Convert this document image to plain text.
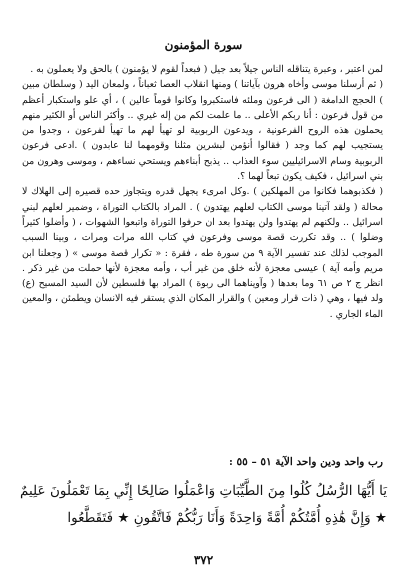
سورة المؤمنون

لمن اعتبر ، وعبرة يتناقله الناس جيلاً بعد جيل ( فبعداً لقوم لا يؤمنون ) بالحق ولا يعملون به .

( ثم أرسلنا موسى وأخاه هرون بآياتنا ) ومنها انقلاب العصا ثعباناً ، ولمعان اليد ( وسلطان مبين ) الحجج الدامغة ( الى فرعون وملئه فاستكبروا وكانوا قوماً عالين ) ، أي علو واستكبار أعظم من قول فرعون : أنا ربكم الأعلى .. ما علمت لكم من إله غيري .. وأكثر الناس أو الكثير منهم يحملون هذه الروح الفرعونية ، ويدعون الربوبية لو تهيأ لهم ما تهيأ لفرعون ، وجدوا من يستجيب لهم كما وجد ( فقالوا أنؤمن لبشرين مثلنا وقومهما لنا عابدون ) .ادعى فرعون الربوبية وسام الاسرائيليين سوء العذاب .. يذبح أبناءهم ويستحي نساءهم ، وموسى وهرون من بني اسرائيل ، فكيف يكون تبعاً لهما ؟.

( فكذبوهما فكانوا من المهلكين ) .وكل امرىء يجهل قدره ويتجاوز حده قصيره إلى الهلاك لا محالة ( ولقد آتينا موسى الكتاب لعلهم يهتدون ) . المراد بالكتاب التوراة ، وضمير لعلهم لبني اسرائيل .. ولكنهم لم يهتدوا ولن يهتدوا بعد ان حرفوا التوراة واتبعوا الشهوات ، ( وأضلوا كثيراً وضلوا ) .. وقد تكررت قصة موسى وفرعون في كتاب الله مرات ومرات ، وبينا السبب الموجب لذلك عند تفسير الآية ٩ من سورة طه ، فقرة : « تكرار قصة موسى » ( وجعلنا ابن مريم وأمه آية ) عيسى معجزة لأنه خلق من غير أب ، وأمه معجزة لأنها حملت من غير ذكر . انظر ج ٢ ص ٦١ وما بعدها ( وآويناهما الى ربوة ) المراد بها فلسطين لأن السيد المسيح (ع) ولد فيها ، وهي ( ذات قرار ومعين ) والقرار المكان الذي يستقر فيه الانسان ويطمئن ، والمعين الماء الجاري .

رب واحد ودين واحد الآية ٥١ – ٥٥ :
يَا أَيُّهَا الرُّسُلُ كُلُوا مِنَ الطَّيِّبَاتِ وَاعْمَلُوا صَالِحًا إِنِّي بِمَا تَعْمَلُونَ عَلِيمٌ ★ وَإِنَّ هَٰذِهِ أُمَّتُكُمْ أُمَّةً وَاحِدَةً وَأَنَا رَبُّكُمْ فَاتَّقُونِ ★ فَتَقَطَّعُوا
٣٧٢
